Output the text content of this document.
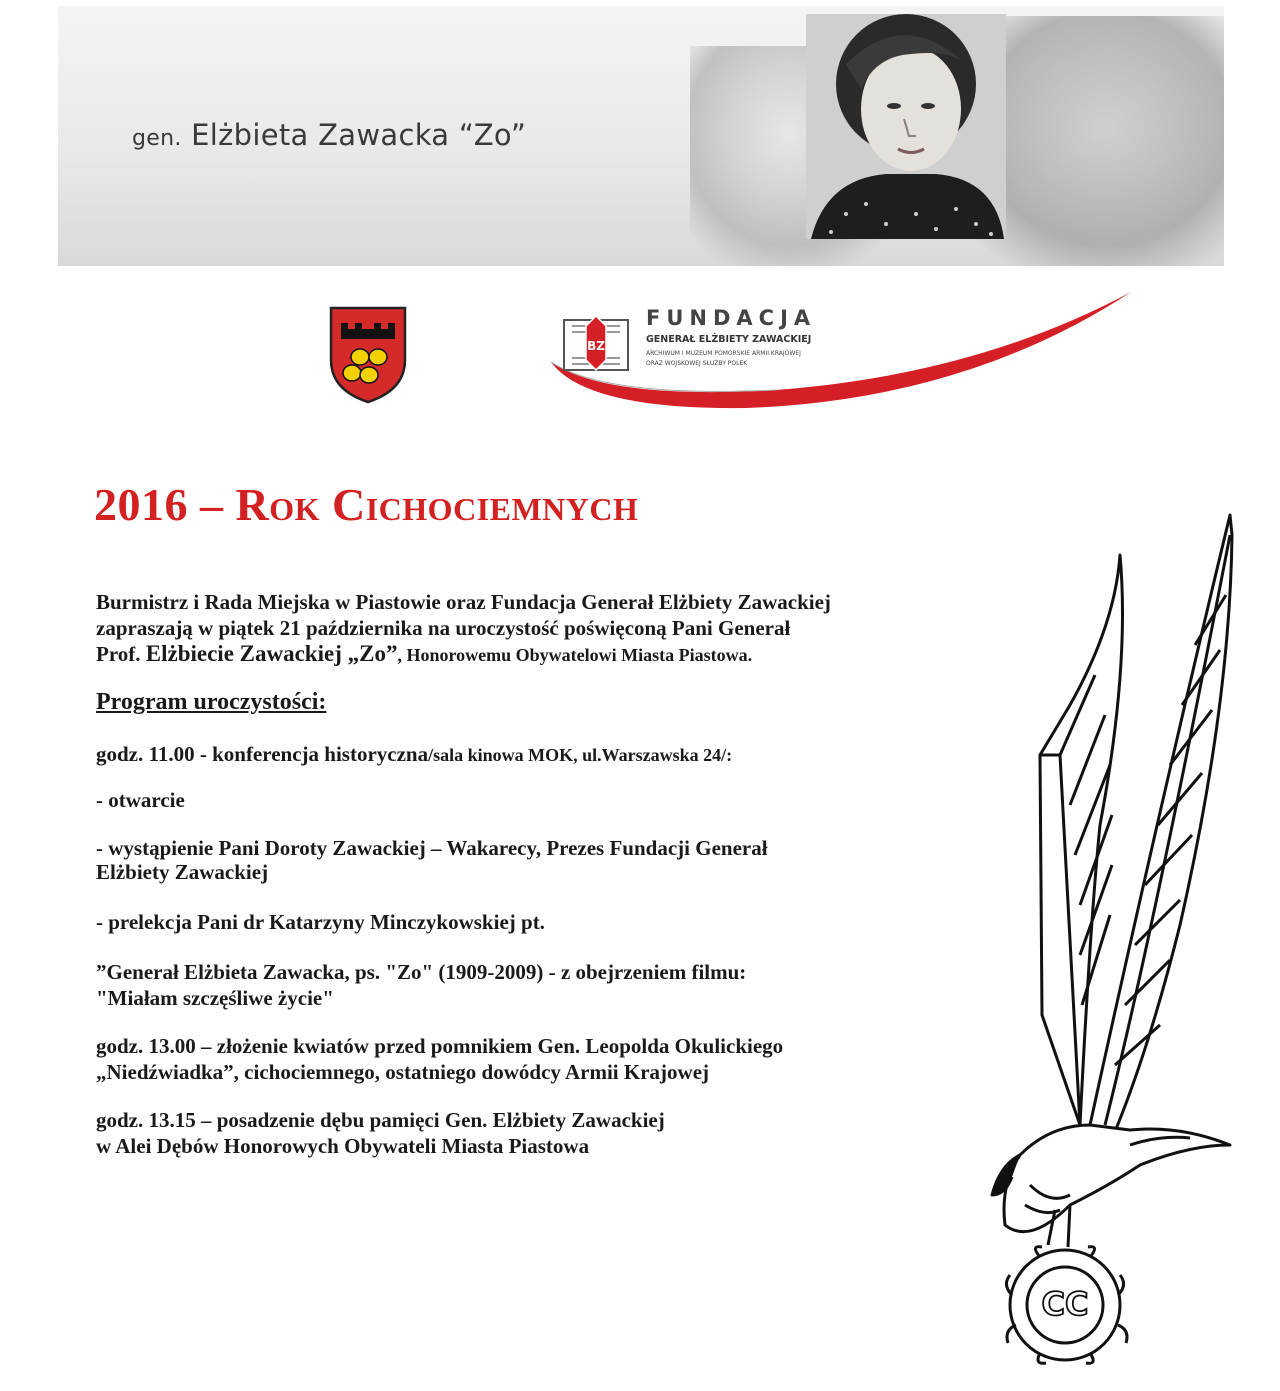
gen. Elżbieta Zawacka “Zo”
BZ
FUNDACJA
GENERAŁ ELŻBIETY ZAWACKIEJ
ARCHIWUM I MUZEUM POMORSKIE ARMII KRAJOWEJ
ORAZ WOJSKOWEJ SŁUŻBY POLEK
2016 – Rok Cichociemnych
Burmistrz i Rada Miejska w Piastowie oraz Fundacja Generał Elżbiety Zawackiej
zapraszają w piątek 21 października na uroczystość poświęconą Pani Generał
Prof. Elżbiecie Zawackiej „Zo”, Honorowemu Obywatelowi Miasta Piastowa.
Program uroczystości:
godz. 11.00 - konferencja historyczna/sala kinowa MOK, ul.Warszawska 24/:
- otwarcie
- wystąpienie Pani Doroty Zawackiej – Wakarecy, Prezes Fundacji Generał
Elżbiety Zawackiej
- prelekcja Pani dr Katarzyny Minczykowskiej pt.
”Generał Elżbieta Zawacka, ps. "Zo" (1909-2009) - z obejrzeniem filmu:
"Miałam szczęśliwe życie"
godz. 13.00 – złożenie kwiatów przed pomnikiem Gen. Leopolda Okulickiego
„Niedźwiadka”, cichociemnego, ostatniego dowódcy Armii Krajowej
godz. 13.15 – posadzenie dębu pamięci Gen. Elżbiety Zawackiej
w Alei Dębów Honorowych Obywateli Miasta Piastowa
CC
